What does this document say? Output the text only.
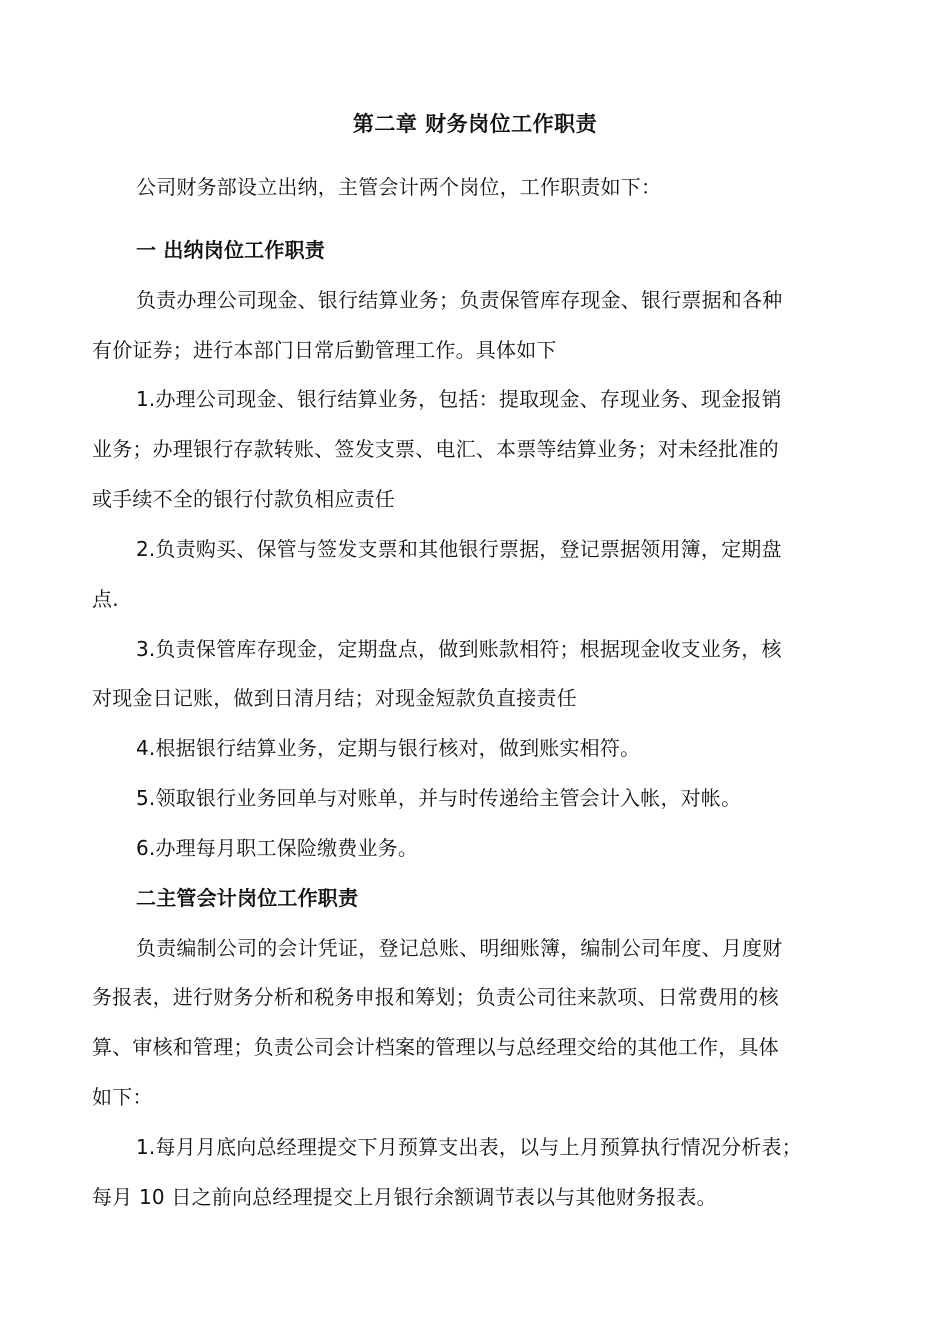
第二章 财务岗位工作职责
公司财务部设立出纳，主管会计两个岗位，工作职责如下：
一 出纳岗位工作职责
负责办理公司现金、银行结算业务；负责保管库存现金、银行票据和各种
有价证券；进行本部门日常后勤管理工作。具体如下
1.办理公司现金、银行结算业务，包括：提取现金、存现业务、现金报销
业务；办理银行存款转账、签发支票、电汇、本票等结算业务；对未经批准的
或手续不全的银行付款负相应责任
2.负责购买、保管与签发支票和其他银行票据，登记票据领用簿，定期盘
点.
3.负责保管库存现金，定期盘点，做到账款相符；根据现金收支业务，核
对现金日记账，做到日清月结；对现金短款负直接责任
4.根据银行结算业务，定期与银行核对，做到账实相符。
5.领取银行业务回单与对账单，并与时传递给主管会计入帐，对帐。
6.办理每月职工保险缴费业务。
二主管会计岗位工作职责
负责编制公司的会计凭证，登记总账、明细账簿，编制公司年度、月度财
务报表，进行财务分析和税务申报和筹划；负责公司往来款项、日常费用的核
算、审核和管理；负责公司会计档案的管理以与总经理交给的其他工作，具体
如下：
1.每月月底向总经理提交下月预算支出表，以与上月预算执行情况分析表；
每月 10 日之前向总经理提交上月银行余额调节表以与其他财务报表。
